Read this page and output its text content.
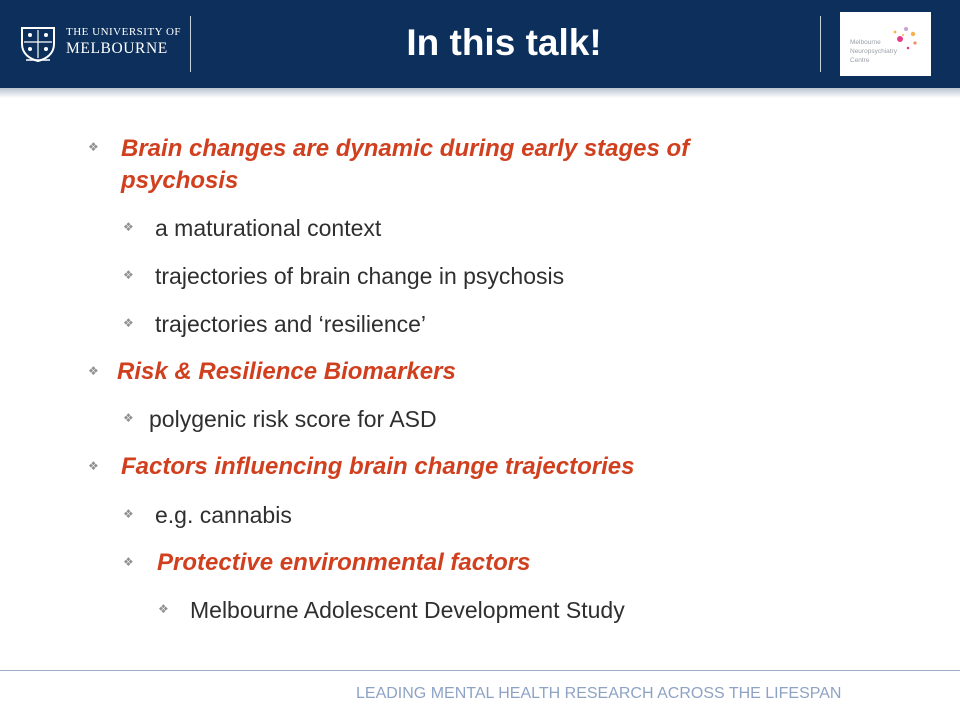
THE UNIVERSITY OF
MELBOURNE	In this talk!	Melbourne
Neuropsychiatry
Centre
❖ Brain changes are dynamic during early stages of
psychosis
❖ a maturational context
❖ trajectories of brain change in psychosis
❖ trajectories and ‘resilience’
❖ Risk & Resilience Biomarkers
❖ polygenic risk score for ASD
❖ Factors influencing brain change trajectories
❖ e.g. cannabis
❖ Protective environmental factors
❖ Melbourne Adolescent Development Study
LEADING MENTAL HEALTH RESEARCH ACROSS THE LIFESPAN
